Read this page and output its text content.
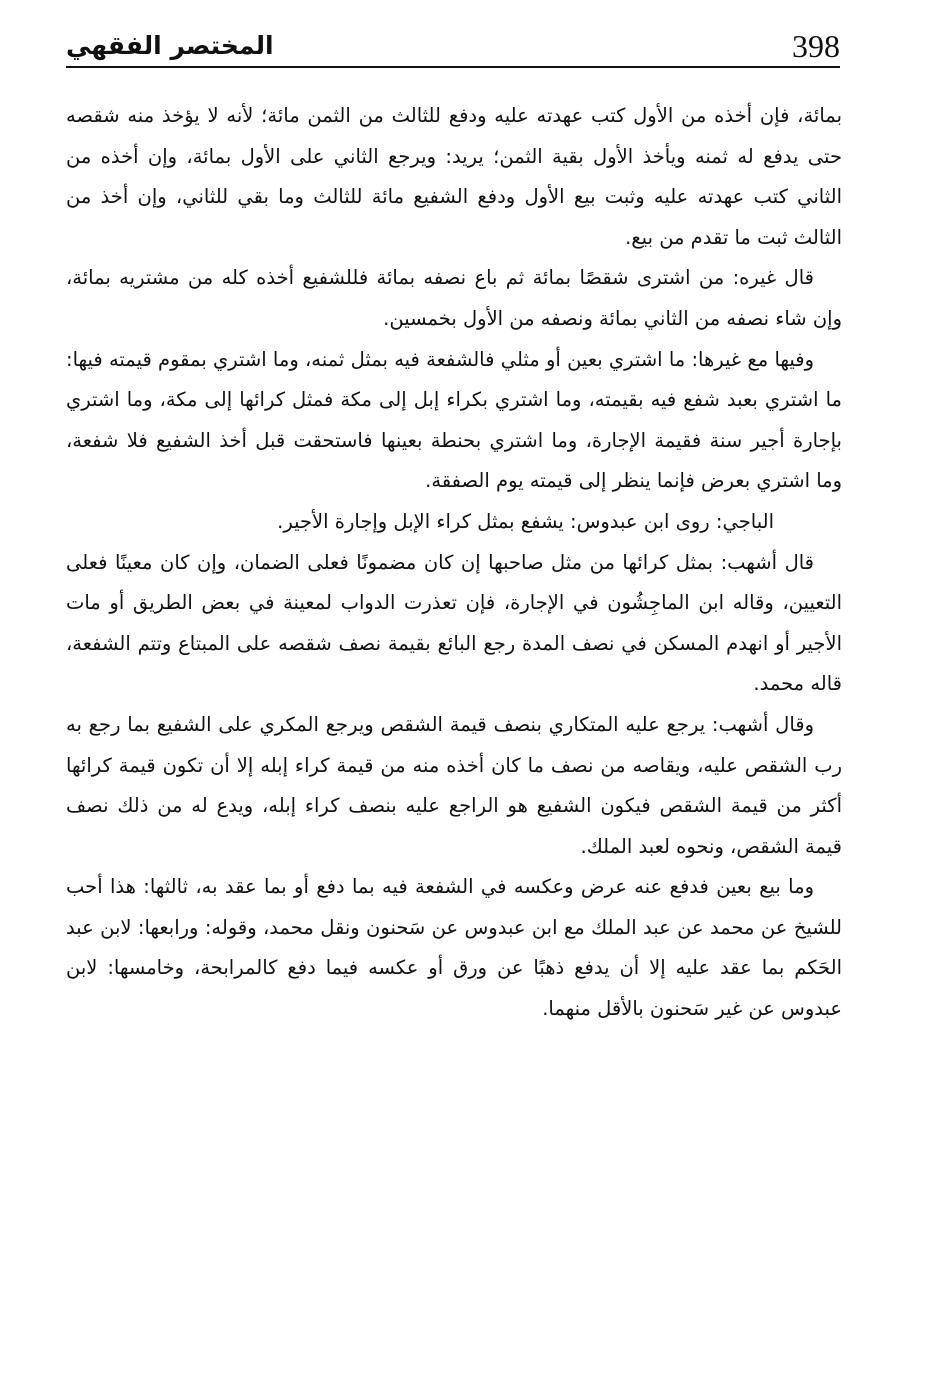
398
المختصر الفقهي

بمائة، فإن أخذه من الأول كتب عهدته عليه ودفع للثالث من الثمن مائة؛ لأنه لا يؤخذ منه شقصه حتى يدفع له ثمنه ويأخذ الأول بقية الثمن؛ يريد: ويرجع الثاني على الأول بمائة، وإن أخذه من الثاني كتب عهدته عليه وثبت بيع الأول ودفع الشفيع مائة للثالث وما بقي للثاني، وإن أخذ من الثالث ثبت ما تقدم من بيع.

قال غيره: من اشترى شقصًا بمائة ثم باع نصفه بمائة فللشفيع أخذه كله من مشتريه بمائة، وإن شاء نصفه من الثاني بمائة ونصفه من الأول بخمسين.

وفيها مع غيرها: ما اشتري بعين أو مثلي فالشفعة فيه بمثل ثمنه، وما اشتري بمقوم قيمته فيها: ما اشتري بعبد شفع فيه بقيمته، وما اشتري بكراء إبل إلى مكة فمثل كرائها إلى مكة، وما اشتري بإجارة أجير سنة فقيمة الإجارة، وما اشتري بحنطة بعينها فاستحقت قبل أخذ الشفيع فلا شفعة، وما اشتري بعرض فإنما ينظر إلى قيمته يوم الصفقة.

الباجي: روى ابن عبدوس: يشفع بمثل كراء الإبل وإجارة الأجير.

قال أشهب: بمثل كرائها من مثل صاحبها إن كان مضمونًا فعلى الضمان، وإن كان معينًا فعلى التعيين، وقاله ابن الماجِشُون في الإجارة، فإن تعذرت الدواب لمعينة في بعض الطريق أو مات الأجير أو انهدم المسكن في نصف المدة رجع البائع بقيمة نصف شقصه على المبتاع وتتم الشفعة، قاله محمد.

وقال أشهب: يرجع عليه المتكاري بنصف قيمة الشقص ويرجع المكري على الشفيع بما رجع به رب الشقص عليه، ويقاصه من نصف ما كان أخذه منه من قيمة كراء إبله إلا أن تكون قيمة كرائها أكثر من قيمة الشقص فيكون الشفيع هو الراجع عليه بنصف كراء إبله، ويدع له من ذلك نصف قيمة الشقص، ونحوه لعبد الملك.

وما بيع بعين فدفع عنه عرض وعكسه في الشفعة فيه بما دفع أو بما عقد به، ثالثها: هذا أحب للشيخ عن محمد عن عبد الملك مع ابن عبدوس عن سَحنون ونقل محمد، وقوله: ورابعها: لابن عبد الحَكم بما عقد عليه إلا أن يدفع ذهبًا عن ورق أو عكسه فيما دفع كالمرابحة، وخامسها: لابن عبدوس عن غير سَحنون بالأقل منهما.
